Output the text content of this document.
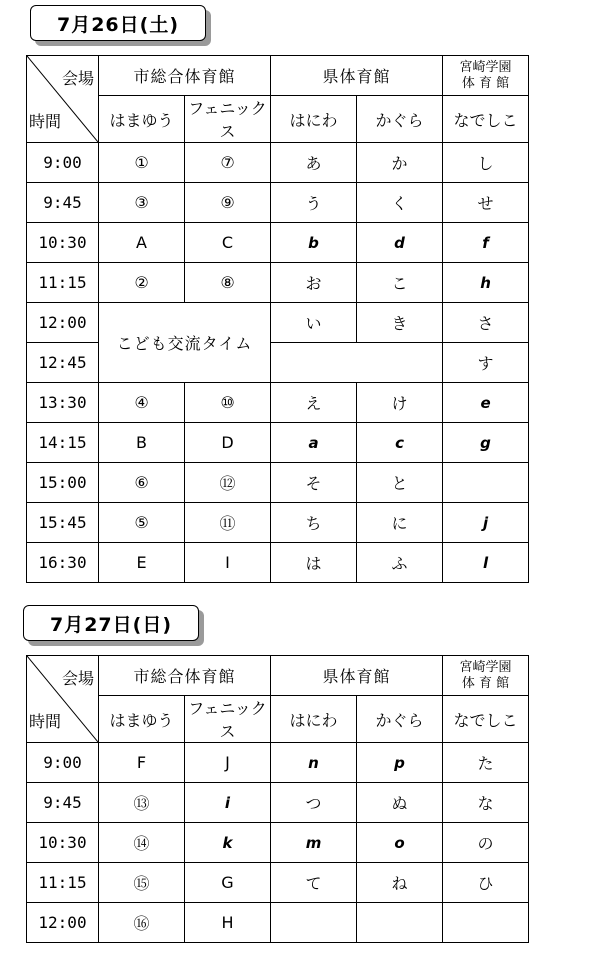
7月26日(土)
会場
時間	市総合体育館		県体育館		宮崎学園
体 育 館

	はまゆう	フェニックス	はにわ	かぐら	なでしこ
9:00	①	⑦	あ	か	し
9:45	③	⑨	う	く	せ
10:30	A	C	b	d	f
11:15	②	⑧	お	こ	h
12:00	こども交流タイム		い	き	さ
12:45					す
13:30	④	⑩	え	け	e
14:15	B	D	a	c	g
15:00	⑥	⑫	そ	と	
15:45	⑤	⑪	ち	に	j
16:30	E	I	は	ふ	l
7月27日(日)
会場
時間	市総合体育館		県体育館		宮崎学園
体 育 館

	はまゆう	フェニックス	はにわ	かぐら	なでしこ
9:00	F	J	n	p	た
9:45	⑬	i	つ	ぬ	な
10:30	⑭	k	m	o	の
11:15	⑮	G	て	ね	ひ
12:00	⑯	H			
